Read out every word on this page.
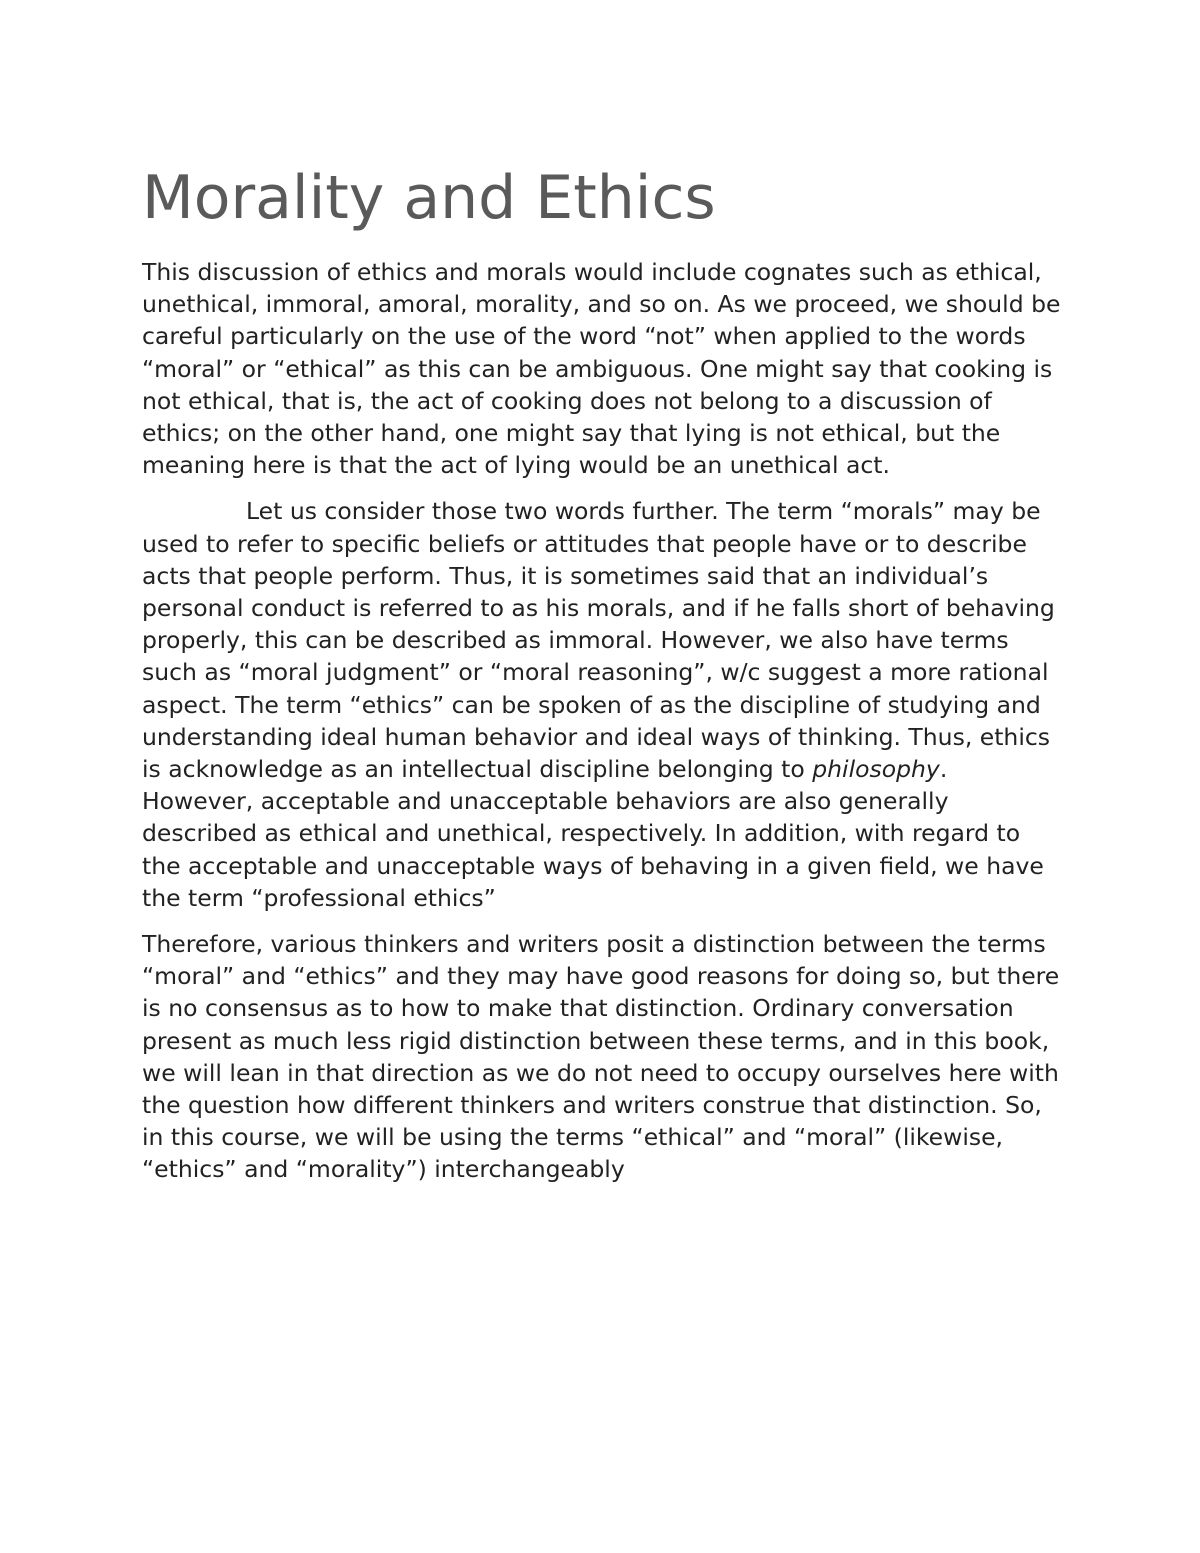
Morality and Ethics

This discussion of ethics and morals would include cognates such as ethical, unethical, immoral, amoral, morality, and so on. As we proceed, we should be careful particularly on the use of the word “not” when applied to the words “moral” or “ethical” as this can be ambiguous. One might say that cooking is not ethical, that is, the act of cooking does not belong to a discussion of ethics; on the other hand, one might say that lying is not ethical, but the meaning here is that the act of lying would be an unethical act.

Let us consider those two words further. The term “morals” may be used to refer to specific beliefs or attitudes that people have or to describe acts that people perform. Thus, it is sometimes said that an individual’s personal conduct is referred to as his morals, and if he falls short of behaving properly, this can be described as immoral. However, we also have terms such as “moral judgment” or “moral reasoning”, w/c suggest a more rational aspect. The term “ethics” can be spoken of as the discipline of studying and understanding ideal human behavior and ideal ways of thinking. Thus, ethics is acknowledge as an intellectual discipline belonging to philosophy. However, acceptable and unacceptable behaviors are also generally described as ethical and unethical, respectively. In addition, with regard to the acceptable and unacceptable ways of behaving in a given field, we have the term “professional ethics”

Therefore, various thinkers and writers posit a distinction between the terms “moral” and “ethics” and they may have good reasons for doing so, but there is no consensus as to how to make that distinction. Ordinary conversation present as much less rigid distinction between these terms, and in this book, we will lean in that direction as we do not need to occupy ourselves here with the question how different thinkers and writers construe that distinction. So, in this course, we will be using the terms “ethical” and “moral” (likewise, “ethics” and “morality”) interchangeably
